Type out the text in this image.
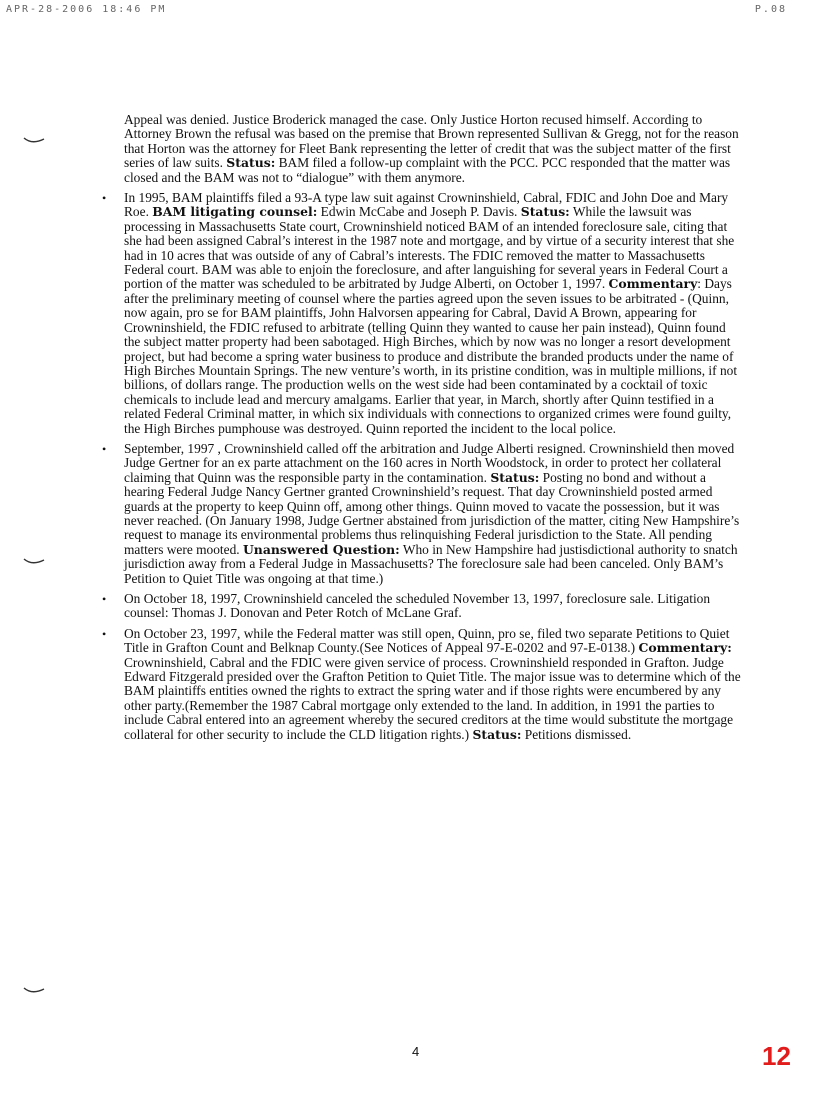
APR-28-2006 18:46 PM	P.08

Appeal was denied. Justice Broderick managed the case. Only Justice Horton recused himself. According to Attorney Brown the refusal was based on the premise that Brown represented Sullivan & Gregg, not for the reason that Horton was the attorney for Fleet Bank representing the letter of credit that was the subject matter of the first series of law suits. Status: BAM filed a follow-up complaint with the PCC. PCC responded that the matter was closed and the BAM was not to “dialogue” with them anymore.

• In 1995, BAM plaintiffs filed a 93-A type law suit against Crowninshield, Cabral, FDIC and John Doe and Mary Roe. BAM litigating counsel: Edwin McCabe and Joseph P. Davis. Status: While the lawsuit was processing in Massachusetts State court, Crowninshield noticed BAM of an intended foreclosure sale, citing that she had been assigned Cabral’s interest in the 1987 note and mortgage, and by virtue of a security interest that she had in 10 acres that was outside of any of Cabral’s interests. The FDIC removed the matter to Massachusetts Federal court. BAM was able to enjoin the foreclosure, and after languishing for several years in Federal Court a portion of the matter was scheduled to be arbitrated by Judge Alberti, on October 1, 1997. Commentary: Days after the preliminary meeting of counsel where the parties agreed upon the seven issues to be arbitrated - (Quinn, now again, pro se for BAM plaintiffs, John Halvorsen appearing for Cabral, David A Brown, appearing for Crowninshield, the FDIC refused to arbitrate (telling Quinn they wanted to cause her pain instead), Quinn found the subject matter property had been sabotaged. High Birches, which by now was no longer a resort development project, but had become a spring water business to produce and distribute the branded products under the name of High Birches Mountain Springs. The new venture’s worth, in its pristine condition, was in multiple millions, if not billions, of dollars range. The production wells on the west side had been contaminated by a cocktail of toxic chemicals to include lead and mercury amalgams. Earlier that year, in March, shortly after Quinn testified in a related Federal Criminal matter, in which six individuals with connections to organized crimes were found guilty, the High Birches pumphouse was destroyed. Quinn reported the incident to the local police.

• September, 1997 , Crowninshield called off the arbitration and Judge Alberti resigned. Crowninshield then moved Judge Gertner for an ex parte attachment on the 160 acres in North Woodstock, in order to protect her collateral claiming that Quinn was the responsible party in the contamination. Status: Posting no bond and without a hearing Federal Judge Nancy Gertner granted Crowninshield’s request. That day Crowninshield posted armed guards at the property to keep Quinn off, among other things. Quinn moved to vacate the possession, but it was never reached. (On January 1998, Judge Gertner abstained from jurisdiction of the matter, citing New Hampshire’s request to manage its environmental problems thus relinquishing Federal jurisdiction to the State. All pending matters were mooted. Unanswered Question: Who in New Hampshire had justisdictional authority to snatch jurisdiction away from a Federal Judge in Massachusetts? The foreclosure sale had been canceled. Only BAM’s Petition to Quiet Title was ongoing at that time.)

• On October 18, 1997, Crowninshield canceled the scheduled November 13, 1997, foreclosure sale. Litigation counsel: Thomas J. Donovan and Peter Rotch of McLane Graf.

• On October 23, 1997, while the Federal matter was still open, Quinn, pro se, filed two separate Petitions to Quiet Title in Grafton Count and Belknap County.(See Notices of Appeal 97-E-0202 and 97-E-0138.) Commentary: Crowninshield, Cabral and the FDIC were given service of process. Crowninshield responded in Grafton. Judge Edward Fitzgerald presided over the Grafton Petition to Quiet Title. The major issue was to determine which of the BAM plaintiffs entities owned the rights to extract the spring water and if those rights were encumbered by any other party.(Remember the 1987 Cabral mortgage only extended to the land. In addition, in 1991 the parties to include Cabral entered into an agreement whereby the secured creditors at the time would substitute the mortgage collateral for other security to include the CLD litigation rights.) Status: Petitions dismissed.

4	12
